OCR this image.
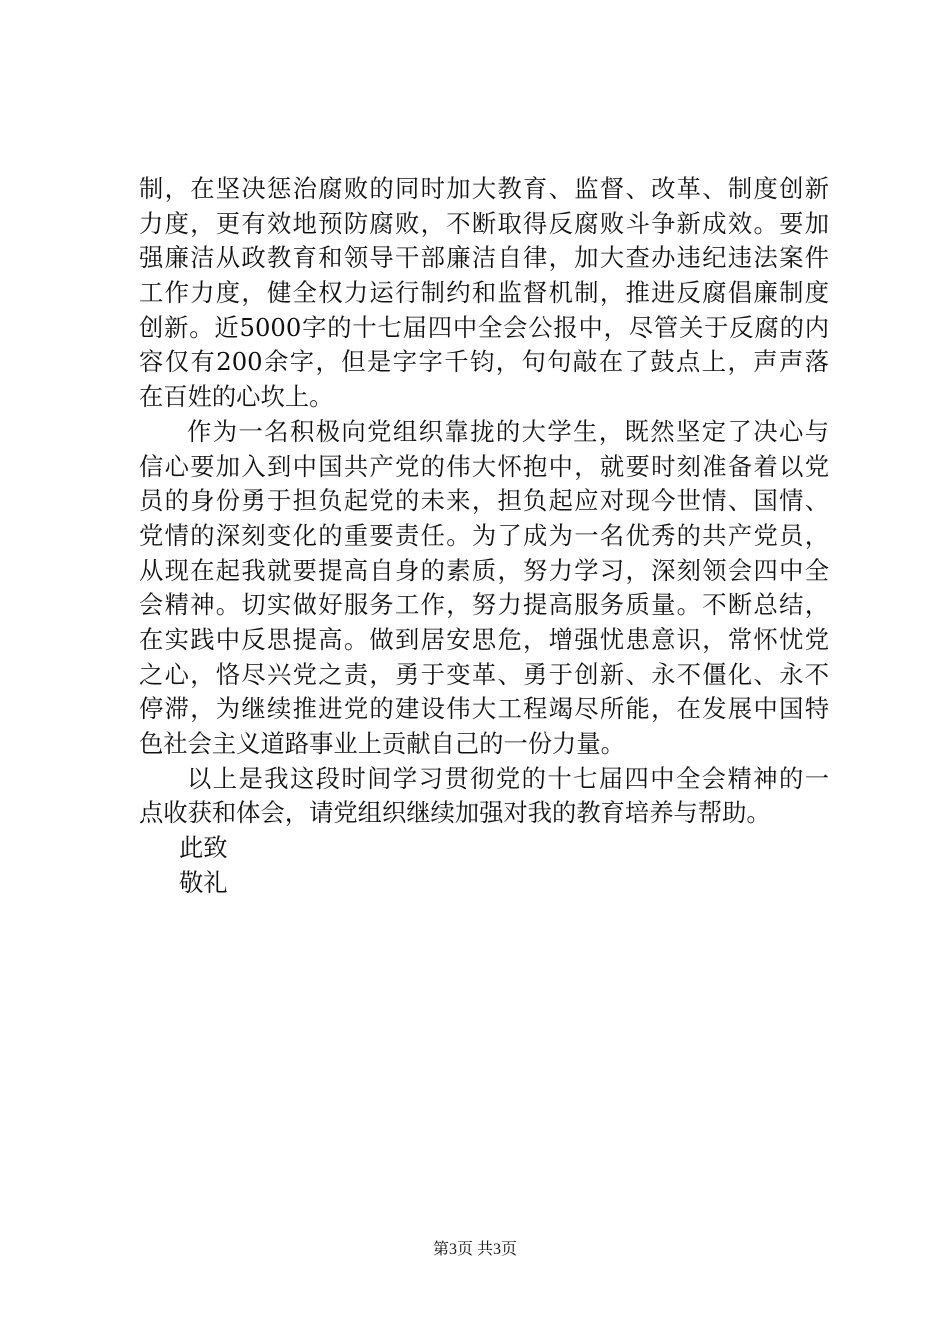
制，在坚决惩治腐败的同时加大教育、监督、改革、制度创新
力度，更有效地预防腐败，不断取得反腐败斗争新成效。要加
强廉洁从政教育和领导干部廉洁自律，加大查办违纪违法案件
工作力度，健全权力运行制约和监督机制，推进反腐倡廉制度
创新。近5000字的十七届四中全会公报中，尽管关于反腐的内
容仅有200余字，但是字字千钧，句句敲在了鼓点上，声声落
在百姓的心坎上。
作为一名积极向党组织靠拢的大学生，既然坚定了决心与
信心要加入到中国共产党的伟大怀抱中，就要时刻准备着以党
员的身份勇于担负起党的未来，担负起应对现今世情、国情、
党情的深刻变化的重要责任。为了成为一名优秀的共产党员，
从现在起我就要提高自身的素质，努力学习，深刻领会四中全
会精神。切实做好服务工作，努力提高服务质量。不断总结，
在实践中反思提高。做到居安思危，增强忧患意识，常怀忧党
之心，恪尽兴党之责，勇于变革、勇于创新、永不僵化、永不
停滞，为继续推进党的建设伟大工程竭尽所能，在发展中国特
色社会主义道路事业上贡献自己的一份力量。
以上是我这段时间学习贯彻党的十七届四中全会精神的一
点收获和体会，请党组织继续加强对我的教育培养与帮助。
此致
敬礼
第3页 共3页
